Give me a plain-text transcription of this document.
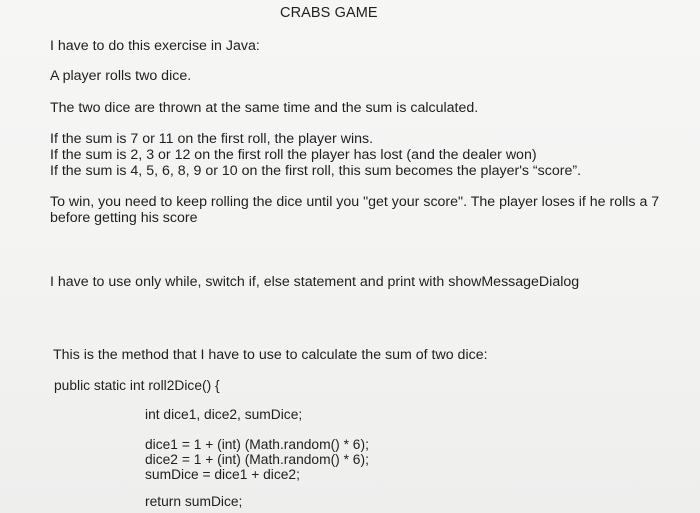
CRABS GAME
I have to do this exercise in Java:
A player rolls two dice.
The two dice are thrown at the same time and the sum is calculated.
If the sum is 7 or 11 on the first roll, the player wins.
If the sum is 2, 3 or 12 on the first roll the player has lost (and the dealer won)
If the sum is 4, 5, 6, 8, 9 or 10 on the first roll, this sum becomes the player's “score”.
To win, you need to keep rolling the dice until you "get your score". The player loses if he rolls a 7
before getting his score
I have to use only while, switch if, else statement and print with showMessageDialog
This is the method that I have to use to calculate the sum of two dice:
public static int roll2Dice() {
int dice1, dice2, sumDice;
dice1 = 1 + (int) (Math.random() * 6);
dice2 = 1 + (int) (Math.random() * 6);
sumDice = dice1 + dice2;
return sumDice;
